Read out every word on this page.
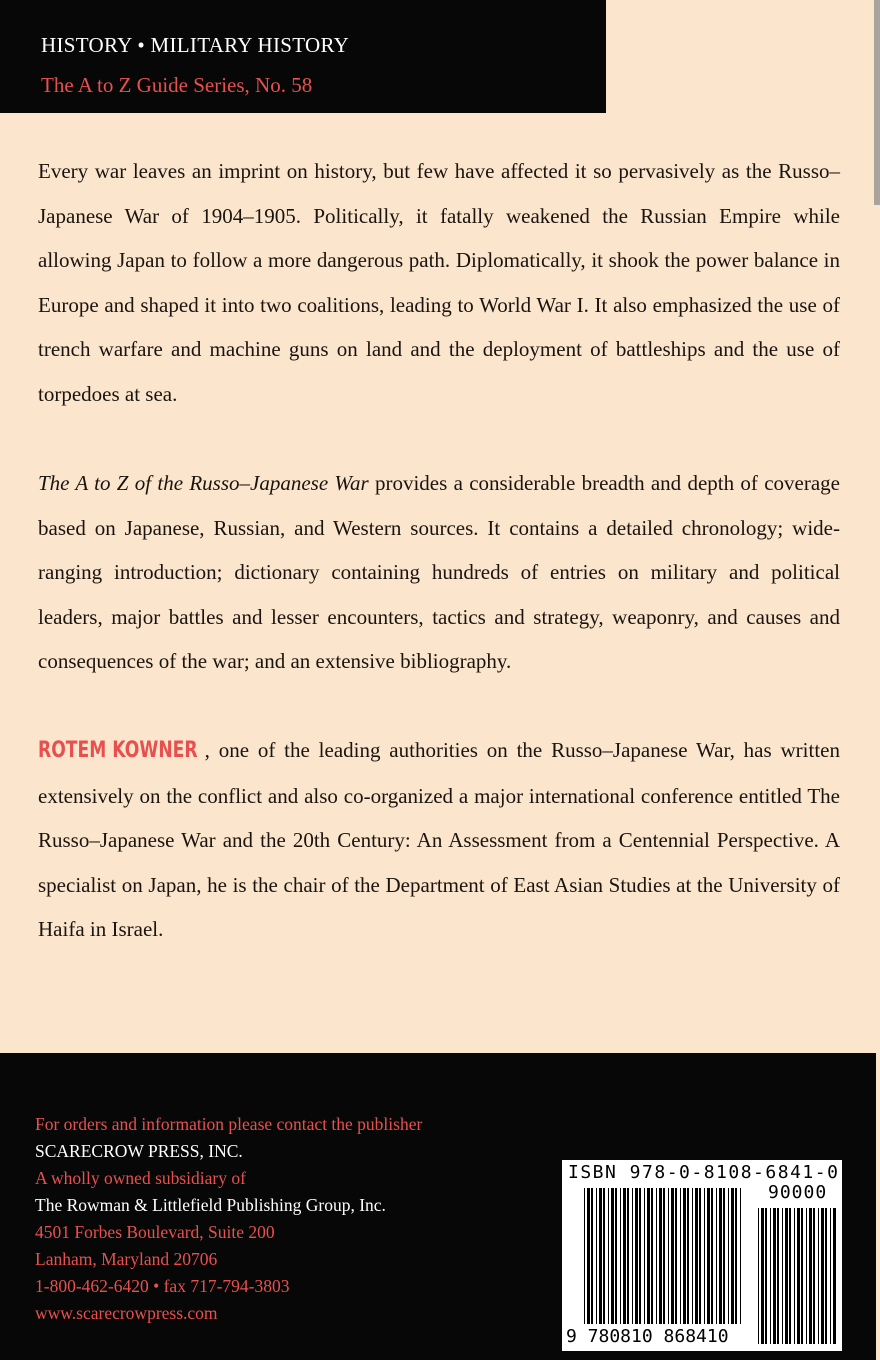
HISTORY • MILITARY HISTORY
The A to Z Guide Series, No. 58
Every war leaves an imprint on history, but few have affected it so pervasively as the Russo–Japanese War of 1904–1905. Politically, it fatally weakened the Russian Empire while allowing Japan to follow a more dangerous path. Diplomatically, it shook the power balance in Europe and shaped it into two coalitions, leading to World War I. It also emphasized the use of trench warfare and machine guns on land and the deployment of battleships and the use of torpedoes at sea.
The A to Z of the Russo–Japanese War provides a considerable breadth and depth of coverage based on Japanese, Russian, and Western sources. It contains a detailed chronology; wide-ranging introduction; dictionary containing hundreds of entries on military and political leaders, major battles and lesser encounters, tactics and strategy, weaponry, and causes and consequences of the war; and an extensive bibliography.
ROTEM KOWNER , one of the leading authorities on the Russo–Japanese War, has written extensively on the conflict and also co-organized a major international conference entitled The Russo–Japanese War and the 20th Century: An Assessment from a Centennial Perspective. A specialist on Japan, he is the chair of the Department of East Asian Studies at the University of Haifa in Israel.
For orders and information please contact the publisher
SCARECROW PRESS, INC.
A wholly owned subsidiary of
The Rowman & Littlefield Publishing Group, Inc.
4501 Forbes Boulevard, Suite 200
Lanham, Maryland 20706
1-800-462-6420 • fax 717-794-3803
www.scarecrowpress.com
ISBN 978-0-8108-6841-0
90000
9 780810 868410
